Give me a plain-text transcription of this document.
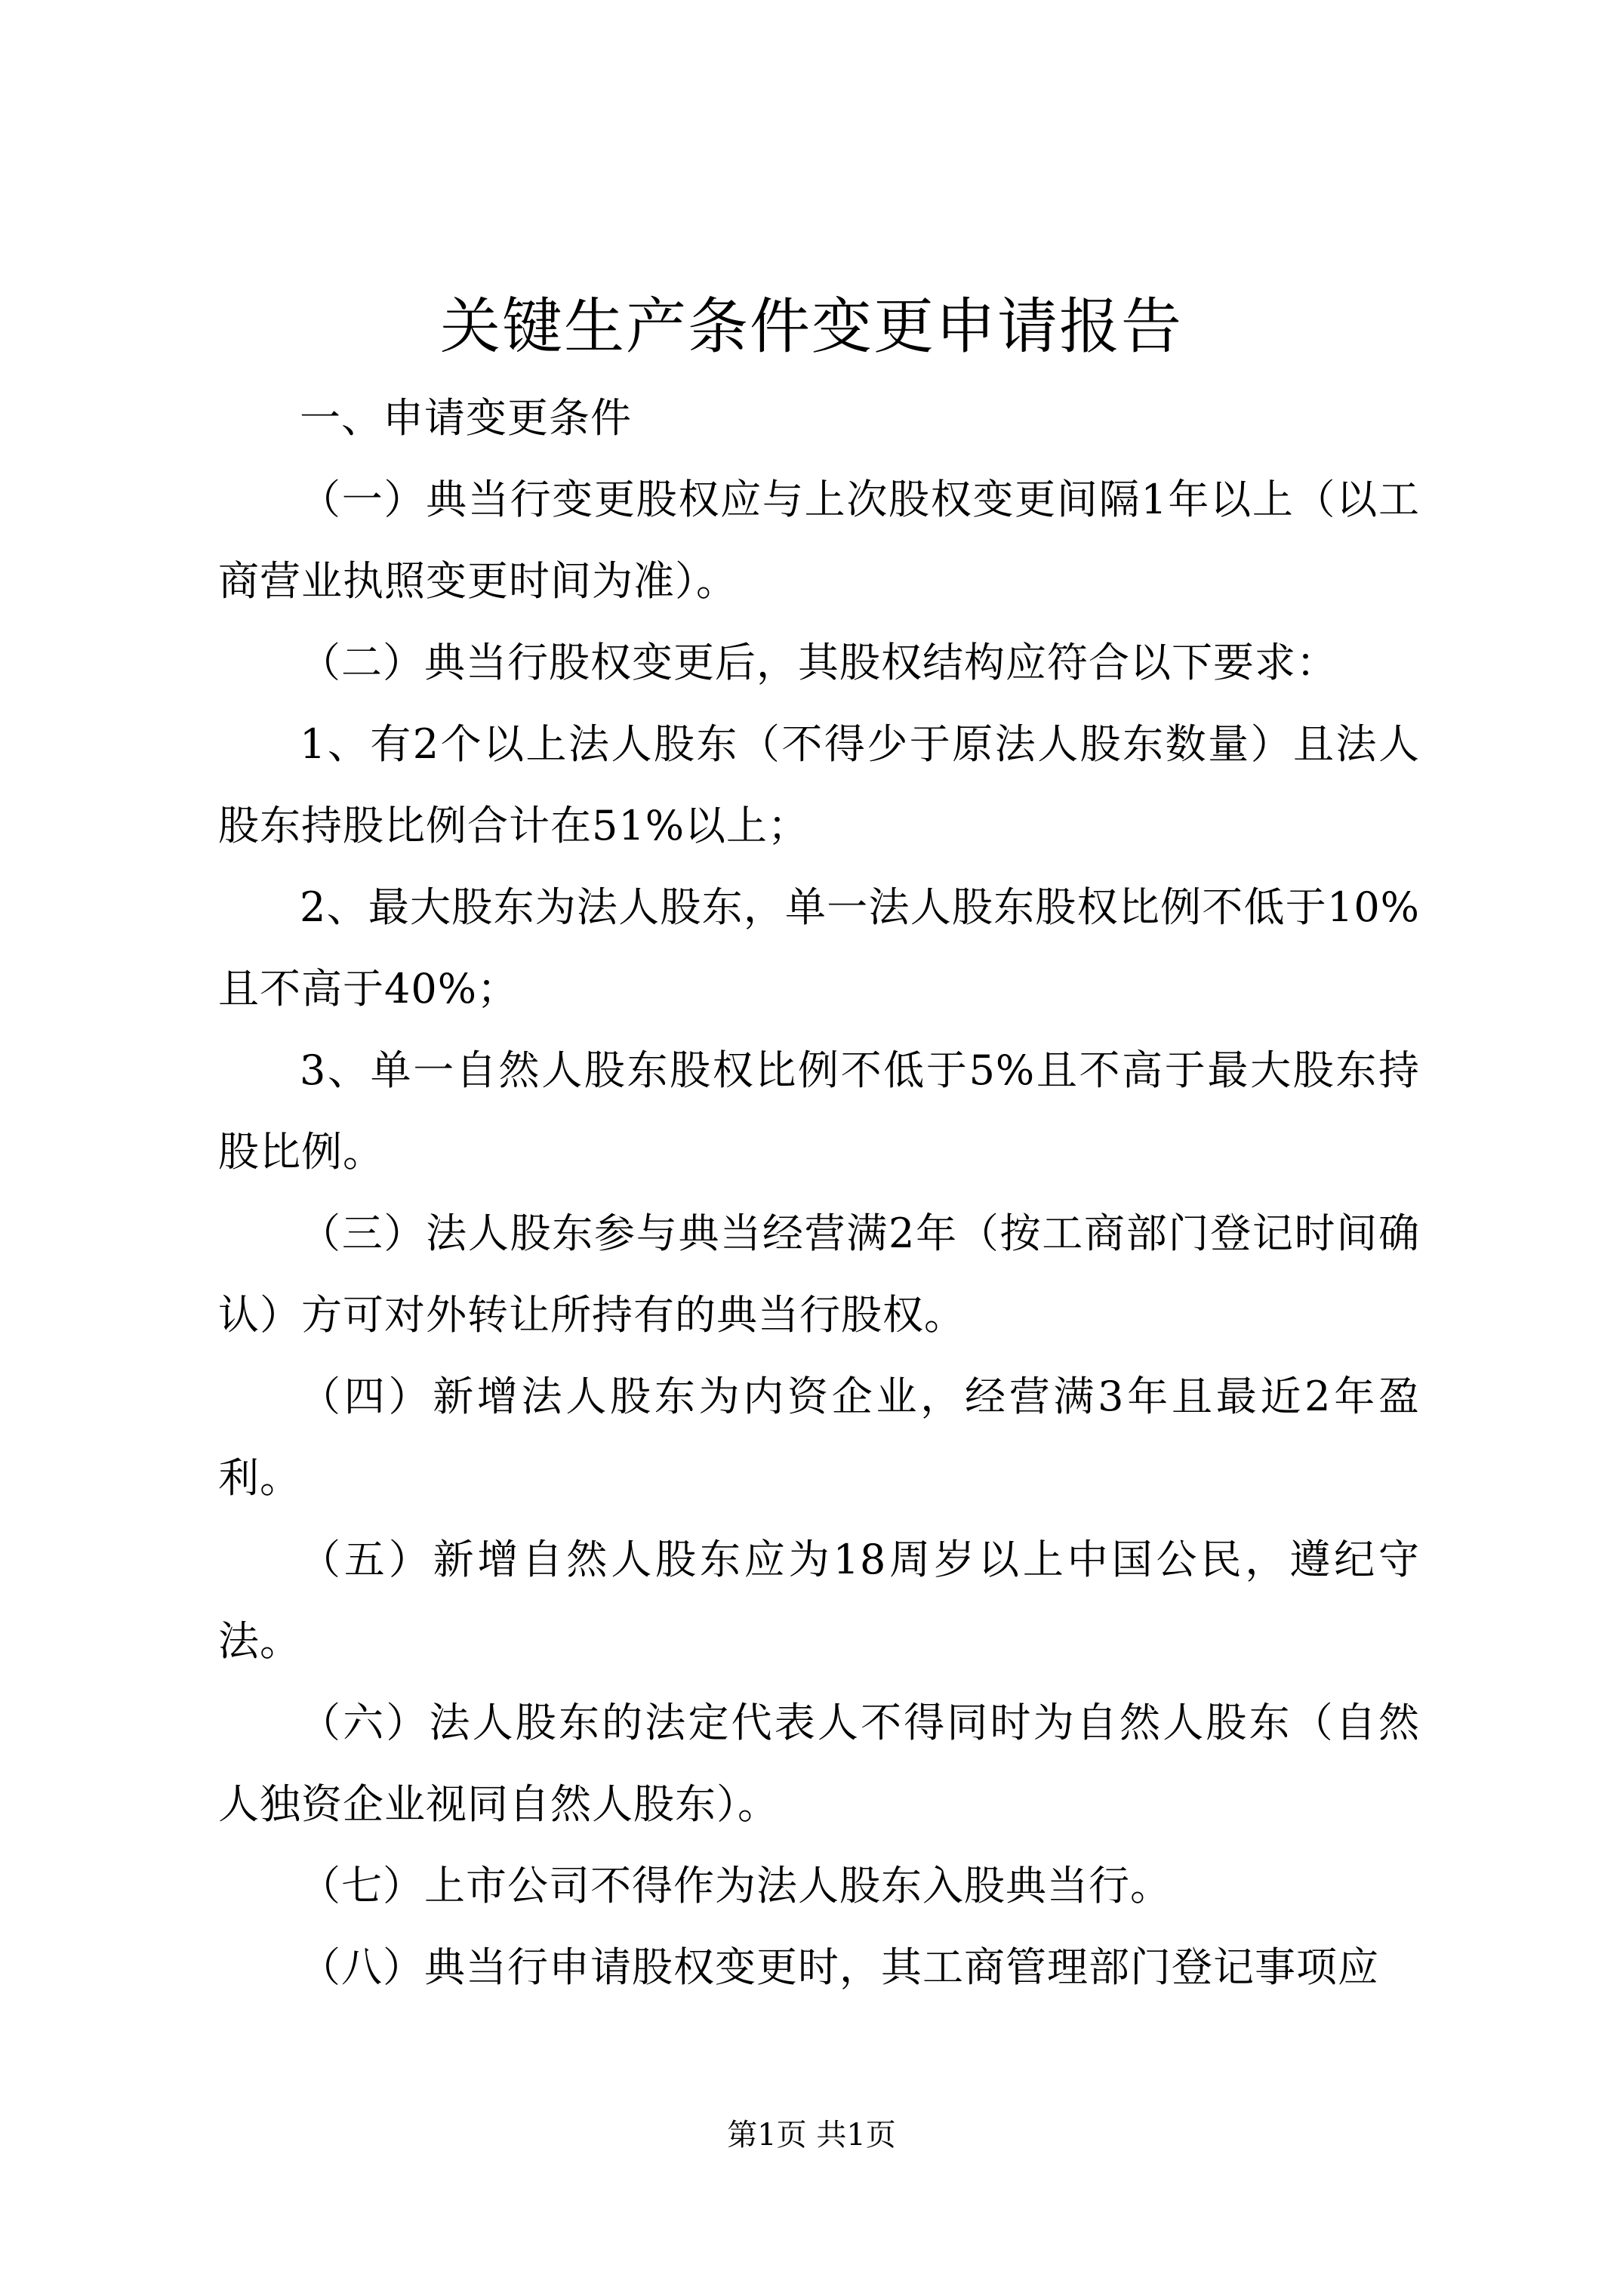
关键生产条件变更申请报告

一、申请变更条件

（一）典当行变更股权应与上次股权变更间隔1年以上（以工商营业执照变更时间为准）。

（二）典当行股权变更后，其股权结构应符合以下要求：

1、有2个以上法人股东（不得少于原法人股东数量）且法人股东持股比例合计在51%以上；

2、最大股东为法人股东，单一法人股东股权比例不低于10%且不高于40%；

3、单一自然人股东股权比例不低于5%且不高于最大股东持股比例。

（三）法人股东参与典当经营满2年（按工商部门登记时间确认）方可对外转让所持有的典当行股权。

（四）新增法人股东为内资企业，经营满3年且最近2年盈利。

（五）新增自然人股东应为18周岁以上中国公民，遵纪守法。

（六）法人股东的法定代表人不得同时为自然人股东（自然人独资企业视同自然人股东）。

（七）上市公司不得作为法人股东入股典当行。

（八）典当行申请股权变更时，其工商管理部门登记事项应

第1页 共1页
